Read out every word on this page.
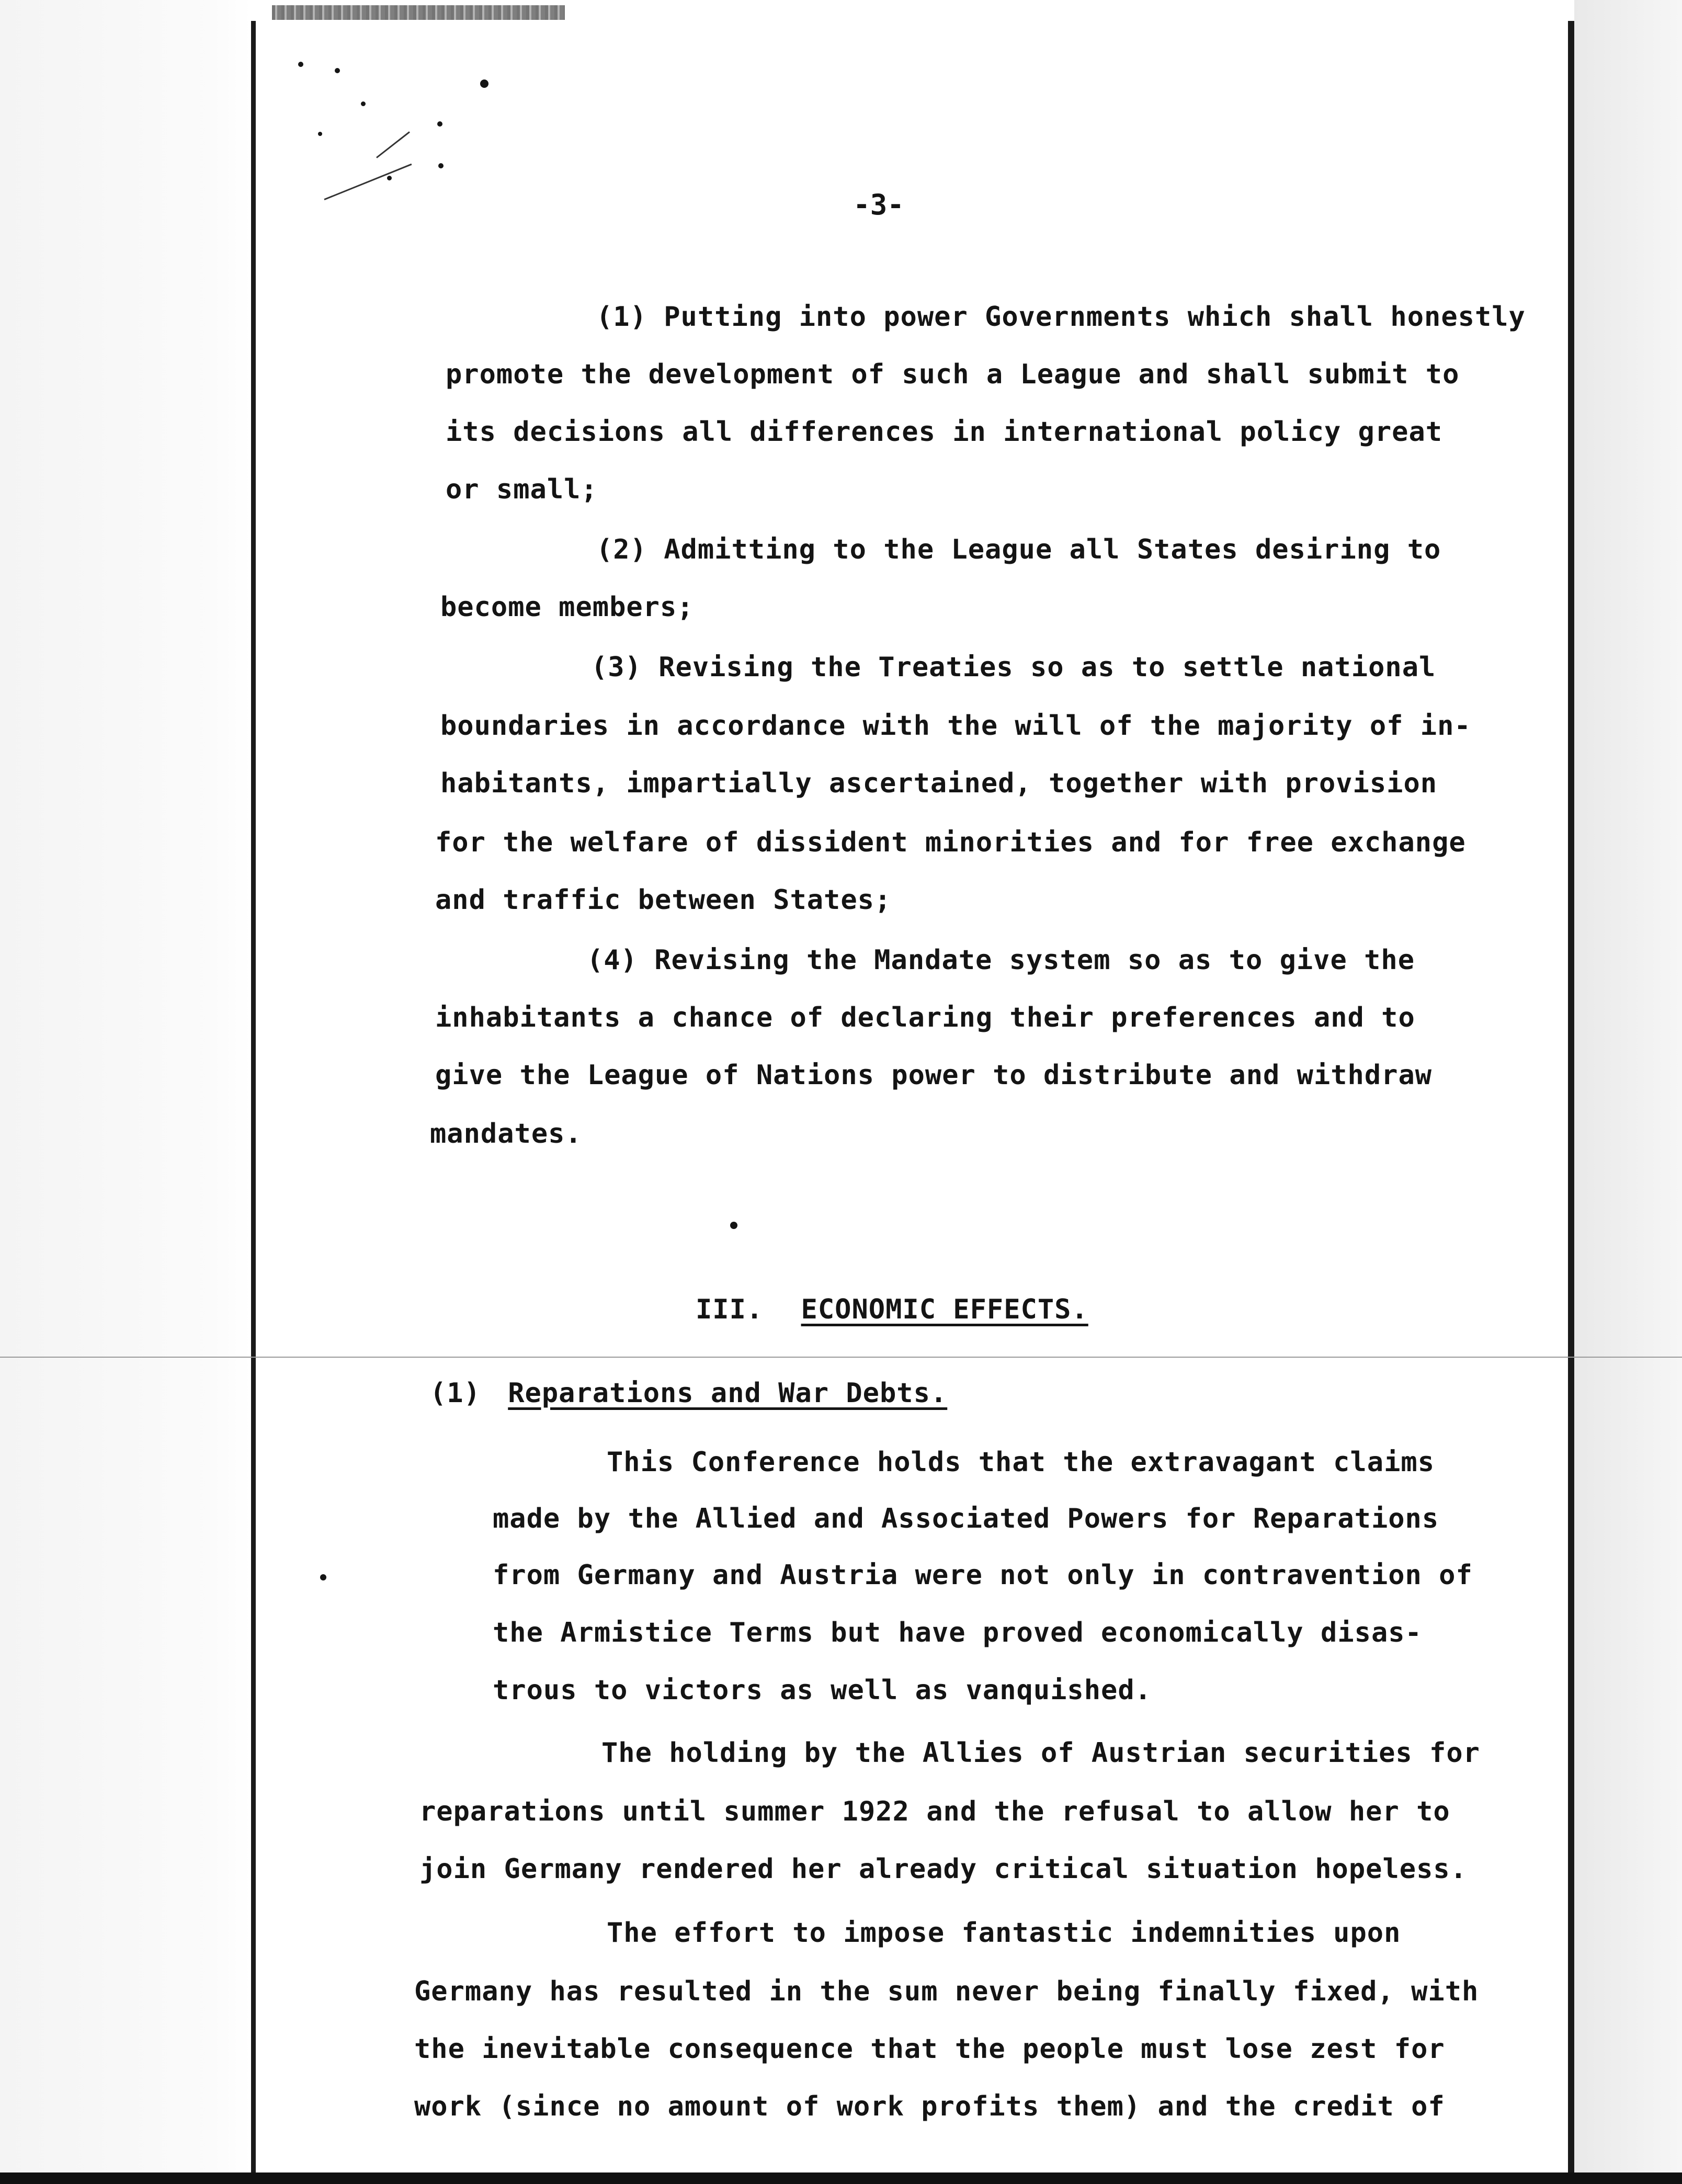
-3-
(1) Putting into power Governments which shall honestly
promote the development of such a League and shall submit to
its decisions all differences in international policy great
or small;
(2) Admitting to the League all States desiring to
become members;
(3) Revising the Treaties so as to settle national
boundaries in accordance with the will of the majority of in-
habitants, impartially ascertained, together with provision
for the welfare of dissident minorities and for free exchange
and traffic between States;
(4) Revising the Mandate system so as to give the
inhabitants a chance of declaring their preferences and to
give the League of Nations power to distribute and withdraw
mandates.
III. ECONOMIC EFFECTS.
(1) Reparations and War Debts.
This Conference holds that the extravagant claims
made by the Allied and Associated Powers for Reparations
from Germany and Austria were not only in contravention of
the Armistice Terms but have proved economically disas-
trous to victors as well as vanquished.
The holding by the Allies of Austrian securities for
reparations until summer 1922 and the refusal to allow her to
join Germany rendered her already critical situation hopeless.
The effort to impose fantastic indemnities upon
Germany has resulted in the sum never being finally fixed, with
the inevitable consequence that the people must lose zest for
work (since no amount of work profits them) and the credit of
